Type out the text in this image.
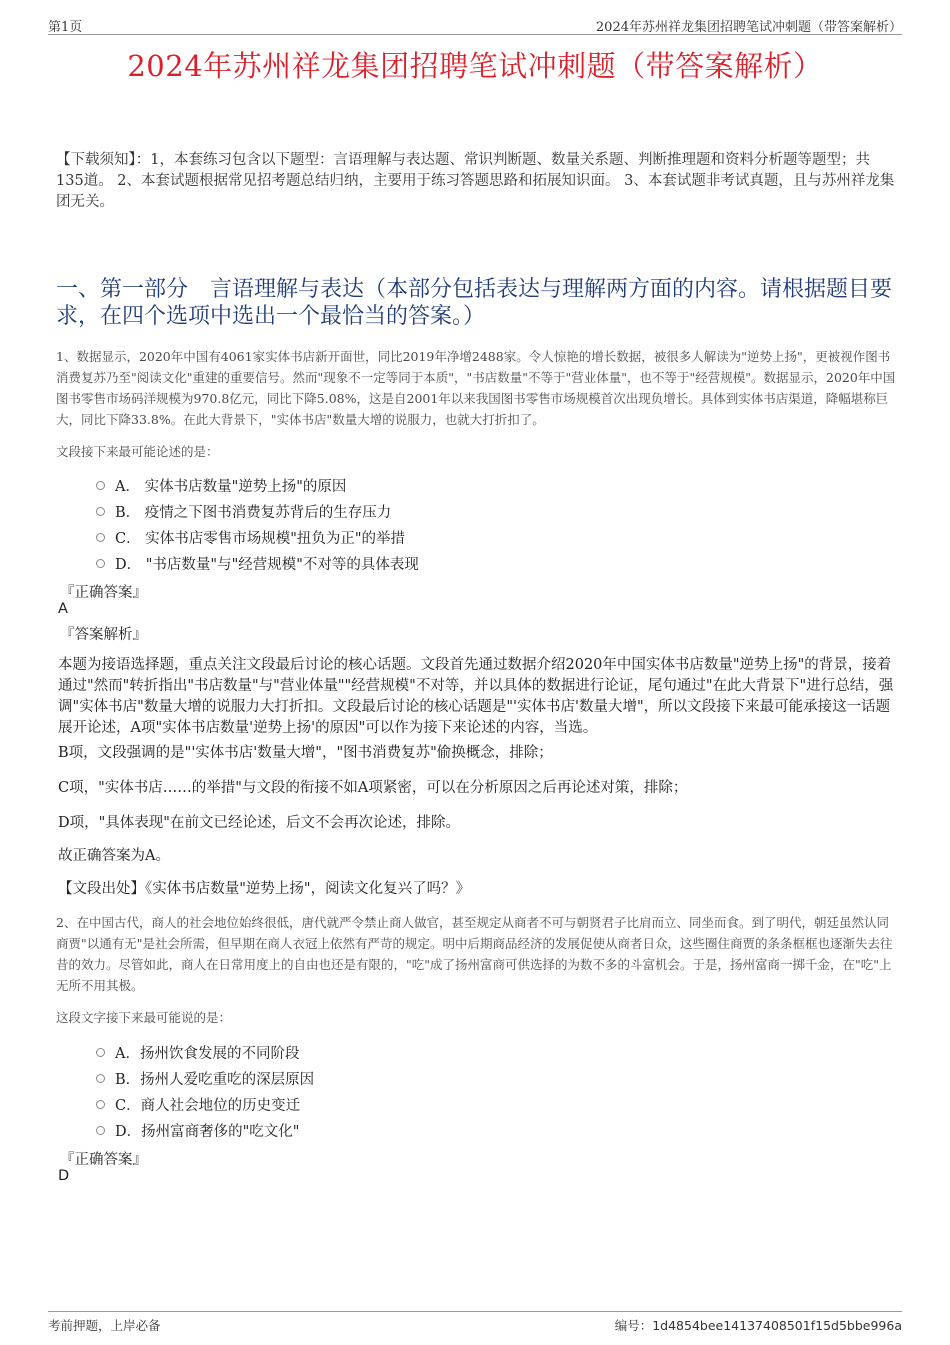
第1页	2024年苏州祥龙集团招聘笔试冲刺题（带答案解析）
2024年苏州祥龙集团招聘笔试冲刺题（带答案解析）
【下载须知】：1，本套练习包含以下题型：言语理解与表达题、常识判断题、数量关系题、判断推理题和资料分析题等题型；共135道。 2、本套试题根据常见招考题总结归纳，主要用于练习答题思路和拓展知识面。 3、本套试题非考试真题，且与苏州祥龙集团无关。
一、第一部分　言语理解与表达（本部分包括表达与理解两方面的内容。请根据题目要求，在四个选项中选出一个最恰当的答案。）
1、数据显示，2020年中国有4061家实体书店新开面世，同比2019年净增2488家。令人惊艳的增长数据，被很多人解读为"逆势上扬"，更被视作图书消费复苏乃至"阅读文化"重建的重要信号。然而"现象不一定等同于本质"，"书店数量"不等于"营业体量"，也不等于"经营规模"。数据显示，2020年中国图书零售市场码洋规模为970.8亿元，同比下降5.08%，这是自2001年以来我国图书零售市场规模首次出现负增长。具体到实体书店渠道，降幅堪称巨大，同比下降33.8%。在此大背景下，"实体书店"数量大增的说服力，也就大打折扣了。
文段接下来最可能论述的是：
A． 实体书店数量"逆势上扬"的原因
B． 疫情之下图书消费复苏背后的生存压力
C． 实体书店零售市场规模"扭负为正"的举措
D． "书店数量"与"经营规模"不对等的具体表现
『正确答案』
A
『答案解析』
本题为接语选择题，重点关注文段最后讨论的核心话题。文段首先通过数据介绍2020年中国实体书店数量"逆势上扬"的背景，接着通过"然而"转折指出"书店数量"与"营业体量""经营规模"不对等，并以具体的数据进行论证，尾句通过"在此大背景下"进行总结，强调"实体书店"数量大增的说服力大打折扣。文段最后讨论的核心话题是"'实体书店'数量大增"，所以文段接下来最可能承接这一话题展开论述，A项"实体书店数量'逆势上扬'的原因"可以作为接下来论述的内容，当选。
B项，文段强调的是"'实体书店'数量大增"，"图书消费复苏"偷换概念，排除；
C项，"实体书店……的举措"与文段的衔接不如A项紧密，可以在分析原因之后再论述对策，排除；
D项，"具体表现"在前文已经论述，后文不会再次论述，排除。
故正确答案为A。
【文段出处】《实体书店数量"逆势上扬"，阅读文化复兴了吗？》
2、在中国古代，商人的社会地位始终很低，唐代就严令禁止商人做官，甚至规定从商者不可与朝贤君子比肩而立、同坐而食。到了明代，朝廷虽然认同商贾"以通有无"是社会所需，但早期在商人衣冠上依然有严苛的规定。明中后期商品经济的发展促使从商者日众，这些圈住商贾的条条框框也逐渐失去往昔的效力。尽管如此，商人在日常用度上的自由也还是有限的，"吃"成了扬州富商可供选择的为数不多的斗富机会。于是，扬州富商一掷千金，在"吃"上无所不用其极。
这段文字接下来最可能说的是：
A．扬州饮食发展的不同阶段
B．扬州人爱吃重吃的深层原因
C．商人社会地位的历史变迁
D．扬州富商奢侈的"吃文化"
『正确答案』
D
考前押题，上岸必备	编号：1d4854bee14137408501f15d5bbe996a
